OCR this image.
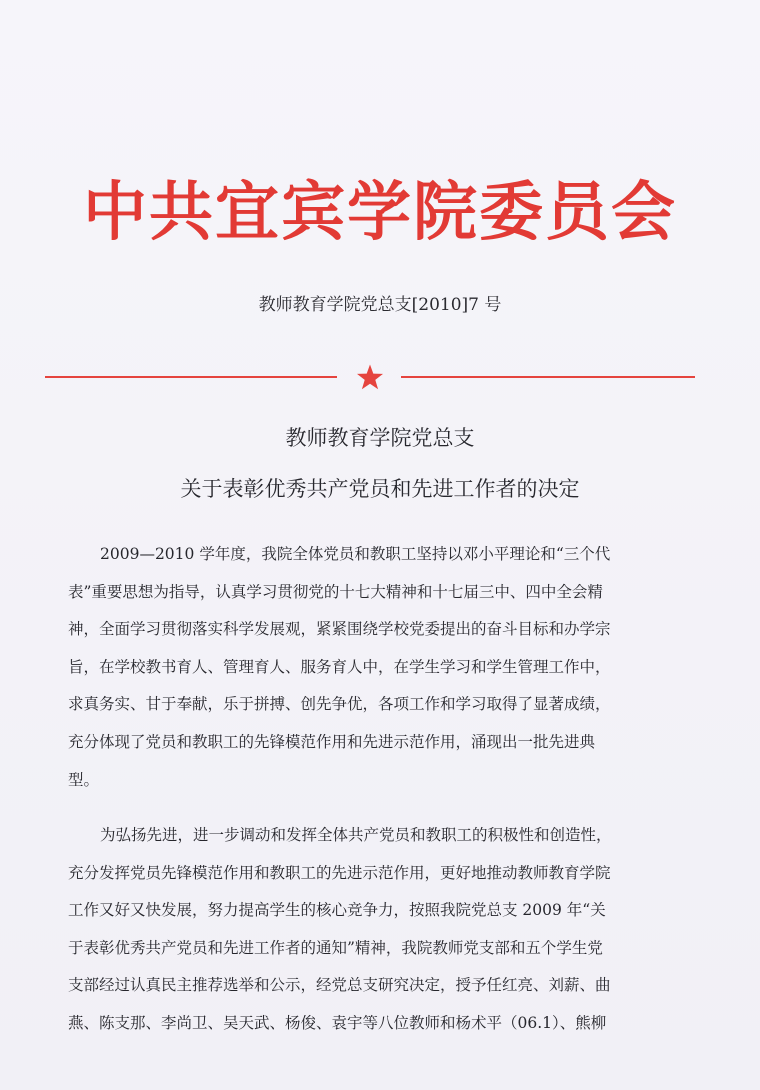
中共宜宾学院委员会
教师教育学院党总支[2010]7 号
教师教育学院党总支
关于表彰优秀共产党员和先进工作者的决定
2009—2010 学年度，我院全体党员和教职工坚持以邓小平理论和“三个代
表”重要思想为指导，认真学习贯彻党的十七大精神和十七届三中、四中全会精
神，全面学习贯彻落实科学发展观，紧紧围绕学校党委提出的奋斗目标和办学宗
旨，在学校教书育人、管理育人、服务育人中，在学生学习和学生管理工作中，
求真务实、甘于奉献，乐于拼搏、创先争优，各项工作和学习取得了显著成绩，
充分体现了党员和教职工的先锋模范作用和先进示范作用，涌现出一批先进典
型。
为弘扬先进，进一步调动和发挥全体共产党员和教职工的积极性和创造性，
充分发挥党员先锋模范作用和教职工的先进示范作用，更好地推动教师教育学院
工作又好又快发展，努力提高学生的核心竞争力，按照我院党总支 2009 年“关
于表彰优秀共产党员和先进工作者的通知”精神，我院教师党支部和五个学生党
支部经过认真民主推荐选举和公示，经党总支研究决定，授予任红亮、刘薪、曲
燕、陈支那、李尚卫、吴天武、杨俊、袁宇等八位教师和杨术平（06.1）、熊柳
